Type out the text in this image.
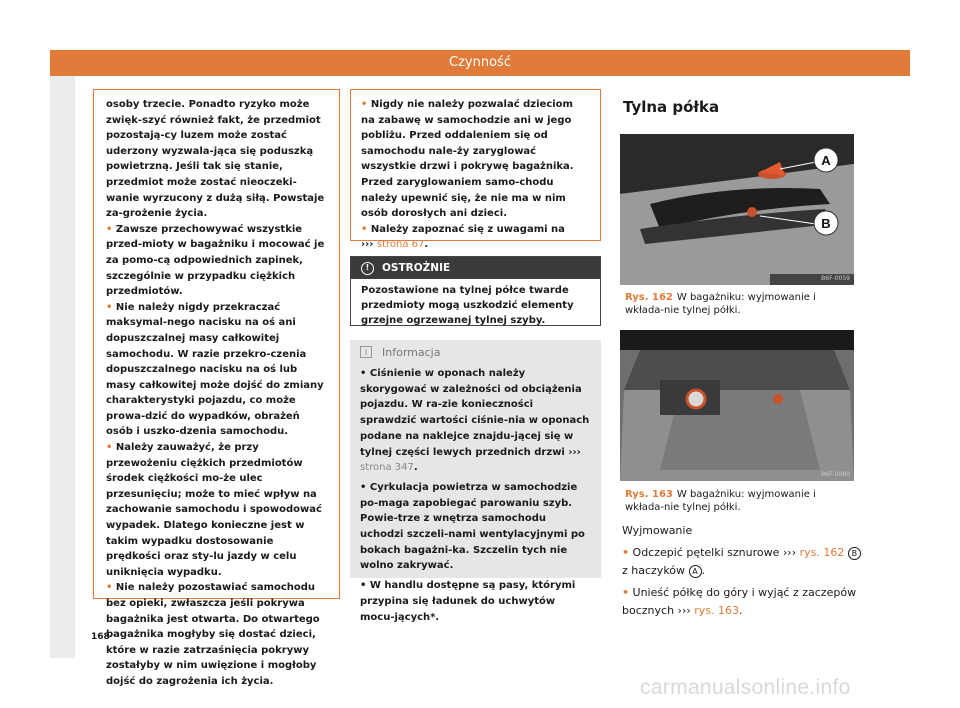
Czynność

osoby trzecie. Ponadto ryzyko może zwięk-szyć również fakt, że przedmiot pozostają-cy luzem może zostać uderzony wyzwala-jąca się poduszką powietrzną. Jeśli tak się stanie, przedmiot może zostać nieoczeki-wanie wyrzucony z dużą siłą. Powstaje za-grożenie życia.

• Zawsze przechowywać wszystkie przed-mioty w bagażniku i mocować je za pomo-cą odpowiednich zapinek, szczególnie w przypadku ciężkich przedmiotów.

• Nie należy nigdy przekraczać maksymal-nego nacisku na oś ani dopuszczalnej masy całkowitej samochodu. W razie przekro-czenia dopuszczalnego nacisku na oś lub masy całkowitej może dojść do zmiany charakterystyki pojazdu, co może prowa-dzić do wypadków, obrażeń osób i uszko-dzenia samochodu.

• Należy zauważyć, że przy przewożeniu ciężkich przedmiotów środek ciężkości mo-że ulec przesunięciu; może to mieć wpływ na zachowanie samochodu i spowodować wypadek. Dlatego konieczne jest w takim wypadku dostosowanie prędkości oraz sty-lu jazdy w celu uniknięcia wypadku.

• Nie należy pozostawiać samochodu bez opieki, zwłaszcza jeśli pokrywa bagażnika jest otwarta. Do otwartego bagażnika mogłyby się dostać dzieci, które w razie zatrzaśnięcia pokrywy zostałyby w nim uwięzione i mogłoby dojść do zagrożenia ich życia.

• Nigdy nie należy pozwalać dzieciom na zabawę w samochodzie ani w jego pobliżu. Przed oddaleniem się od samochodu nale-ży zaryglować wszystkie drzwi i pokrywę bagażnika. Przed zaryglowaniem samo-chodu należy upewnić się, że nie ma w nim osób dorosłych ani dzieci.

• Należy zapoznać się z uwagami na
››› strona 67.

!	OSTROŻNIE
Pozostawione na tylnej półce twarde przedmioty mogą uszkodzić elementy grzejne ogrzewanej tylnej szyby.
i	Informacja

• Ciśnienie w oponach należy skorygować w zależności od obciążenia pojazdu. W ra-zie konieczności sprawdzić wartości ciśnie-nia w oponach podane na naklejce znajdu-jącej się w tylnej części lewych przednich drzwi ››› strona 347.

• Cyrkulacja powietrza w samochodzie po-maga zapobiegać parowaniu szyb. Powie-trze z wnętrza samochodu uchodzi szczeli-nami wentylacyjnymi po bokach bagażni-ka. Szczelin tych nie wolno zakrywać.

• W handlu dostępne są pasy, którymi przypina się ładunek do uchwytów mocu-jących*.

Tylna półka
A
B
B6F-0059
Rys. 162 W bagażniku: wyjmowanie i wkłada-nie tylnej półki.
B6F-0060
Rys. 163 W bagażniku: wyjmowanie i wkłada-nie tylnej półki.
Wyjmowanie
• Odczepić pętelki sznurowe ››› rys. 162 B z haczyków A .
• Unieść półkę do góry i wyjąć z zaczepów bocznych ››› rys. 163.
168
carmanualsonline.info
